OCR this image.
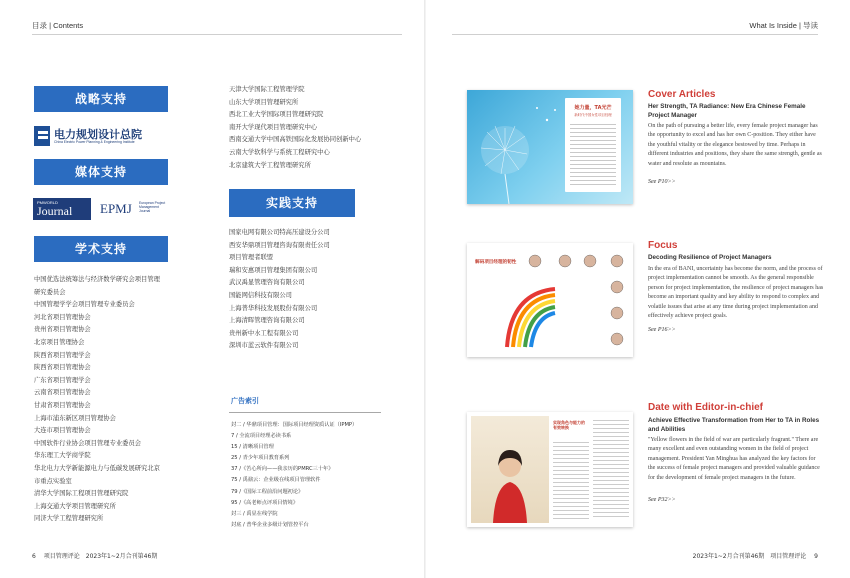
目录 | Contents	What Is Inside | 导读
战略支持
电力规划设计总院
China Electric Power Planning & Engineering Institute
媒体支持
PMWORLD
Journal EPMJ European Project Management Journal
学术支持
中国优选法统筹法与经济数学研究会项目管理
研究委员会
中国管理学学会项目管理专业委员会
河北省项目管理协会
贵州省项目管理协会
北京项目管理协会
陕西省项目管理学会
陕西省项目管理协会
广东省项目管理学会
云南省项目管理协会
甘肃省项目管理协会
上海市浦东新区项目管理协会
大连市项目管理协会
中国软件行业协会项目管理专业委员会
华东理工大学商学院
华北电力大学新能源电力与低碳发展研究北京
市重点实验室
清华大学国际工程项目管理研究院
上海交通大学项目管理研究所
同济大学工程管理研究所
天津大学国际工程管理学院
山东大学项目管理研究所
西北工业大学国际项目管理研究院
南开大学现代项目管理研究中心
西南交通大学中国高铁国际化发展协同创新中心
云南大学软科学与系统工程研究中心
北京建筑大学工程管理研究所
实践支持
国家电网有限公司特高压建设分公司
西安华鼎项目管理咨询有限责任公司
项目管理者联盟
瑞和安惠项目管理集团有限公司
武汉禹显管理咨询有限公司
国能网信科技有限公司
上海普华科技发展股份有限公司
上海清晖管理咨询有限公司
贵州新中水工程有限公司
深圳市蓝云软件有限公司
广告索引
封二 / 华鼎项目管理：国际项目经理资质认证（IPMP）
7 / 全流项目经理必读书系
15 / 清晰项目管理
25 / 青少年项目教育系列
37 /《苦心所向——我亲历的PMRC三十年》
75 / 禹鼐云：企业级在线项目管理软件
79 /《国际工程前沿问题初论》
95 /《高老师点评项目情境》
封三 / 禹显在线学院
封底 / 普华企业多级计划管控平台
她力量，TA光芒
新时代中国女性项目经理
Cover Articles
Her Strength, TA Radiance: New Era Chinese Female Project Manager
On the path of pursuing a better life, every female project manager has the opportunity to excel and has her own C-position. They either have the youthful vitality or the elegance bestowed by time. Perhaps in different industries and positions, they share the same strength, gentle as water and resolute as mountains.
See P10>>
解码项目经理的韧性
Focus
Decoding Resilience of Project Managers
In the era of BANI, uncertainty has become the norm, and the process of project implementation cannot be smooth. As the general responsible person for project implementation, the resilience of project managers has become an important quality and key ability to respond to complex and volatile issues that arise at any time during project implementation and effectively achieve project goals.
See P16>>
实现角色与能力的有效转换
Date with Editor-in-chief
Achieve Effective Transformation from Her to TA in Roles and Abilities
"Yellow flowers in the field of war are particularly fragrant." There are many excellent and even outstanding women in the field of project management. President Yan Minghua has analyzed the key factors for the success of female project managers and provided valuable guidance for the development of female project managers in the future.
See P32>>
6 项目管理评论　2023年1~2月合刊第46期	2023年1~2月合刊第46期　项目管理评论 9
